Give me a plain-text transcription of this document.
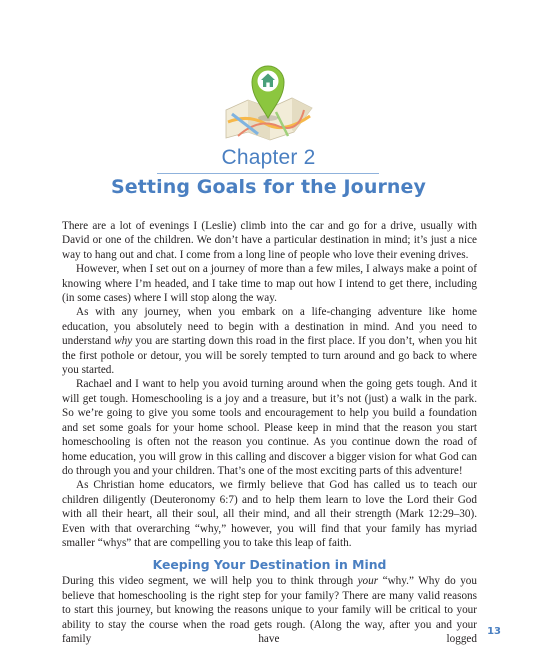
Chapter 2
Setting Goals for the Journey

There are a lot of evenings I (Leslie) climb into the car and go for a drive, usually with David or one of the children. We don’t have a particular destination in mind; it’s just a nice way to hang out and chat. I come from a long line of people who love their evening drives.

However, when I set out on a journey of more than a few miles, I always make a point of knowing where I’m headed, and I take time to map out how I intend to get there, including (in some cases) where I will stop along the way.

As with any journey, when you embark on a life-changing adventure like home education, you absolutely need to begin with a destination in mind. And you need to understand why you are starting down this road in the first place. If you don’t, when you hit the first pothole or detour, you will be sorely tempted to turn around and go back to where you started.

Rachael and I want to help you avoid turning around when the going gets tough. And it will get tough. Homeschooling is a joy and a treasure, but it’s not (just) a walk in the park. So we’re going to give you some tools and encouragement to help you build a foundation and set some goals for your home school. Please keep in mind that the reason you start homeschooling is often not the reason you continue. As you continue down the road of home education, you will grow in this calling and discover a bigger vision for what God can do through you and your children. That’s one of the most exciting parts of this adventure!

As Christian home educators, we firmly believe that God has called us to teach our children diligently (Deuteronomy 6:7) and to help them learn to love the Lord their God with all their heart, all their soul, all their mind, and all their strength (Mark 12:29–30). Even with that overarching “why,” however, you will find that your family has myriad smaller “whys” that are compelling you to take this leap of faith.

Keeping Your Destination in Mind

During this video segment, we will help you to think through your “why.” Why do you believe that homeschooling is the right step for your family? There are many valid reasons to start this journey, but knowing the reasons unique to your family will be critical to your ability to stay the course when the road gets rough. (Along the way, after you and your family have logged

13
